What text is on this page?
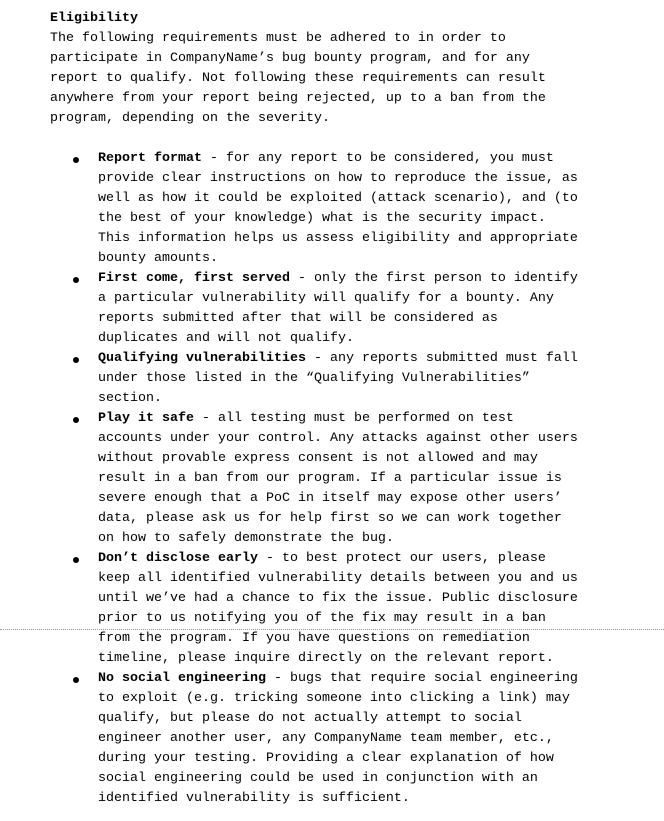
Eligibility
The following requirements must be adhered to in order to
participate in CompanyName’s bug bounty program, and for any
report to qualify. Not following these requirements can result
anywhere from your report being rejected, up to a ban from the
program, depending on the severity.
Report format - for any report to be considered, you must
provide clear instructions on how to reproduce the issue, as
well as how it could be exploited (attack scenario), and (to
the best of your knowledge) what is the security impact.
This information helps us assess eligibility and appropriate
bounty amounts.
First come, first served - only the first person to identify
a particular vulnerability will qualify for a bounty. Any
reports submitted after that will be considered as
duplicates and will not qualify.
Qualifying vulnerabilities - any reports submitted must fall
under those listed in the “Qualifying Vulnerabilities”
section.
Play it safe - all testing must be performed on test
accounts under your control. Any attacks against other users
without provable express consent is not allowed and may
result in a ban from our program. If a particular issue is
severe enough that a PoC in itself may expose other users’
data, please ask us for help first so we can work together
on how to safely demonstrate the bug.
Don’t disclose early - to best protect our users, please
keep all identified vulnerability details between you and us
until we’ve had a chance to fix the issue. Public disclosure
prior to us notifying you of the fix may result in a ban
from the program. If you have questions on remediation
timeline, please inquire directly on the relevant report.
No social engineering - bugs that require social engineering
to exploit (e.g. tricking someone into clicking a link) may
qualify, but please do not actually attempt to social
engineer another user, any CompanyName team member, etc.,
during your testing. Providing a clear explanation of how
social engineering could be used in conjunction with an
identified vulnerability is sufficient.
